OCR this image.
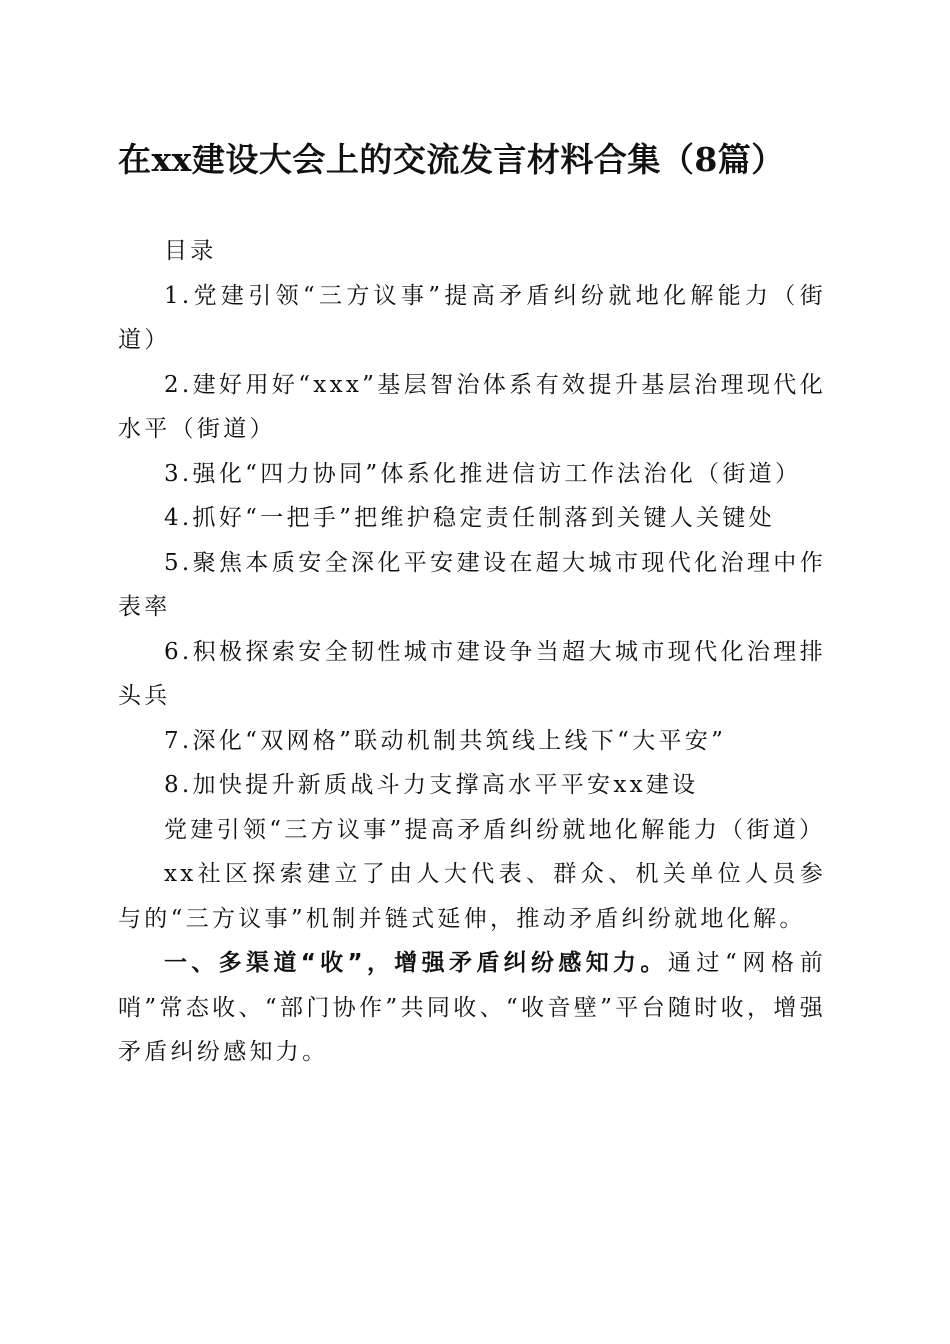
在xx建设大会上的交流发言材料合集（8篇）

目录

1.党建引领“三方议事”提高矛盾纠纷就地化解能力（街道）

2.建好用好“xxx”基层智治体系有效提升基层治理现代化水平（街道）

3.强化“四力协同”体系化推进信访工作法治化（街道）

4.抓好“一把手”把维护稳定责任制落到关键人关键处

5.聚焦本质安全深化平安建设在超大城市现代化治理中作表率

6.积极探索安全韧性城市建设争当超大城市现代化治理排头兵

7.深化“双网格”联动机制共筑线上线下“大平安”

8.加快提升新质战斗力支撑高水平平安xx建设

党建引领“三方议事”提高矛盾纠纷就地化解能力（街道）

xx社区探索建立了由人大代表、群众、机关单位人员参与的“三方议事”机制并链式延伸，推动矛盾纠纷就地化解。

一、多渠道“收”，增强矛盾纠纷感知力。通过“网格前哨”常态收、“部门协作”共同收、“收音壁”平台随时收，增强矛盾纠纷感知力。
